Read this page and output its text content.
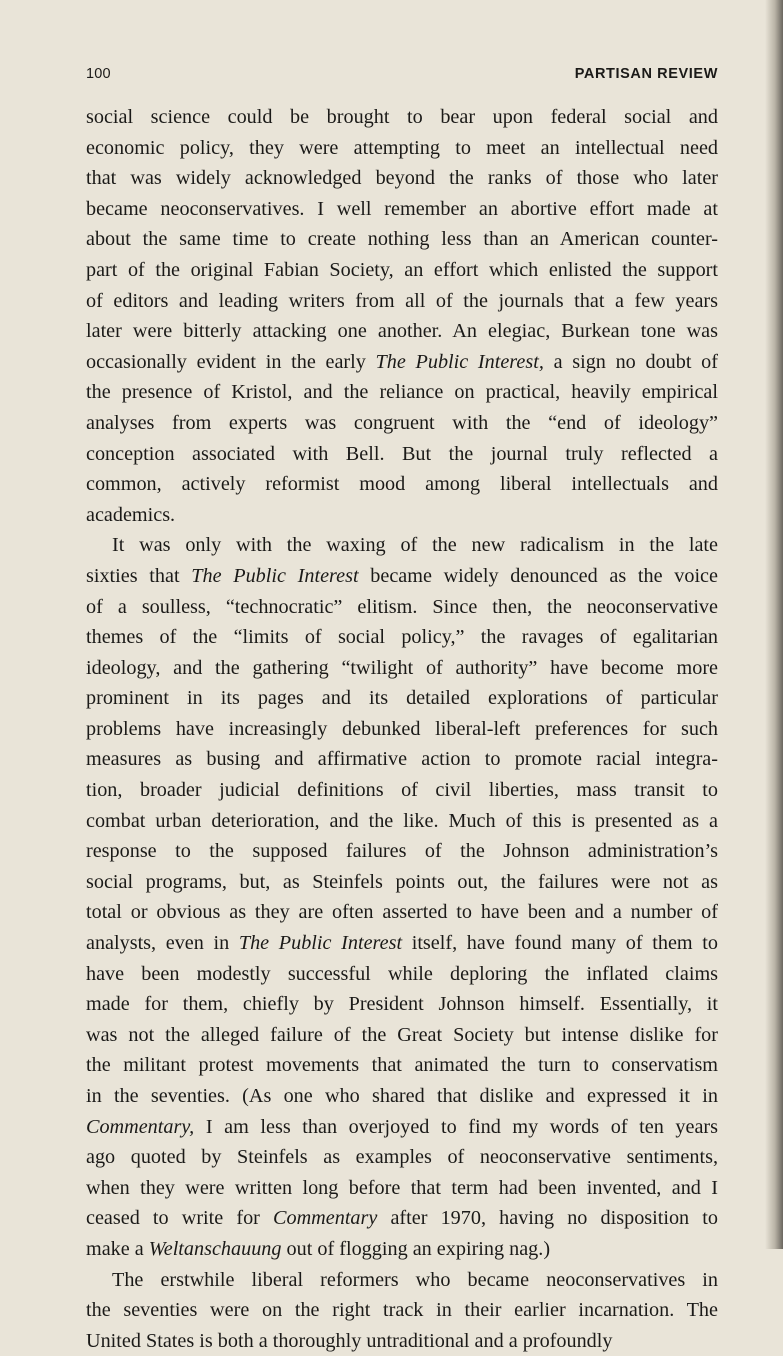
100	PARTISAN REVIEW

social science could be brought to bear upon federal social and
economic policy, they were attempting to meet an intellectual need
that was widely acknowledged beyond the ranks of those who later
became neoconservatives. I well remember an abortive effort made at
about the same time to create nothing less than an American counter-
part of the original Fabian Society, an effort which enlisted the support
of editors and leading writers from all of the journals that a few years
later were bitterly attacking one another. An elegiac, Burkean tone was
occasionally evident in the early The Public Interest, a sign no doubt of
the presence of Kristol, and the reliance on practical, heavily empirical
analyses from experts was congruent with the “end of ideology”
conception associated with Bell. But the journal truly reflected a
common, actively reformist mood among liberal intellectuals and
academics.

It was only with the waxing of the new radicalism in the late
sixties that The Public Interest became widely denounced as the voice
of a soulless, “technocratic” elitism. Since then, the neoconservative
themes of the “limits of social policy,” the ravages of egalitarian
ideology, and the gathering “twilight of authority” have become more
prominent in its pages and its detailed explorations of particular
problems have increasingly debunked liberal-left preferences for such
measures as busing and affirmative action to promote racial integra-
tion, broader judicial definitions of civil liberties, mass transit to
combat urban deterioration, and the like. Much of this is presented as a
response to the supposed failures of the Johnson administration’s
social programs, but, as Steinfels points out, the failures were not as
total or obvious as they are often asserted to have been and a number of
analysts, even in The Public Interest itself, have found many of them to
have been modestly successful while deploring the inflated claims
made for them, chiefly by President Johnson himself. Essentially, it
was not the alleged failure of the Great Society but intense dislike for
the militant protest movements that animated the turn to conservatism
in the seventies. (As one who shared that dislike and expressed it in
Commentary, I am less than overjoyed to find my words of ten years
ago quoted by Steinfels as examples of neoconservative sentiments,
when they were written long before that term had been invented, and I
ceased to write for Commentary after 1970, having no disposition to
make a Weltanschauung out of flogging an expiring nag.)

The erstwhile liberal reformers who became neoconservatives in
the seventies were on the right track in their earlier incarnation. The
United States is both a thoroughly untraditional and a profoundly
